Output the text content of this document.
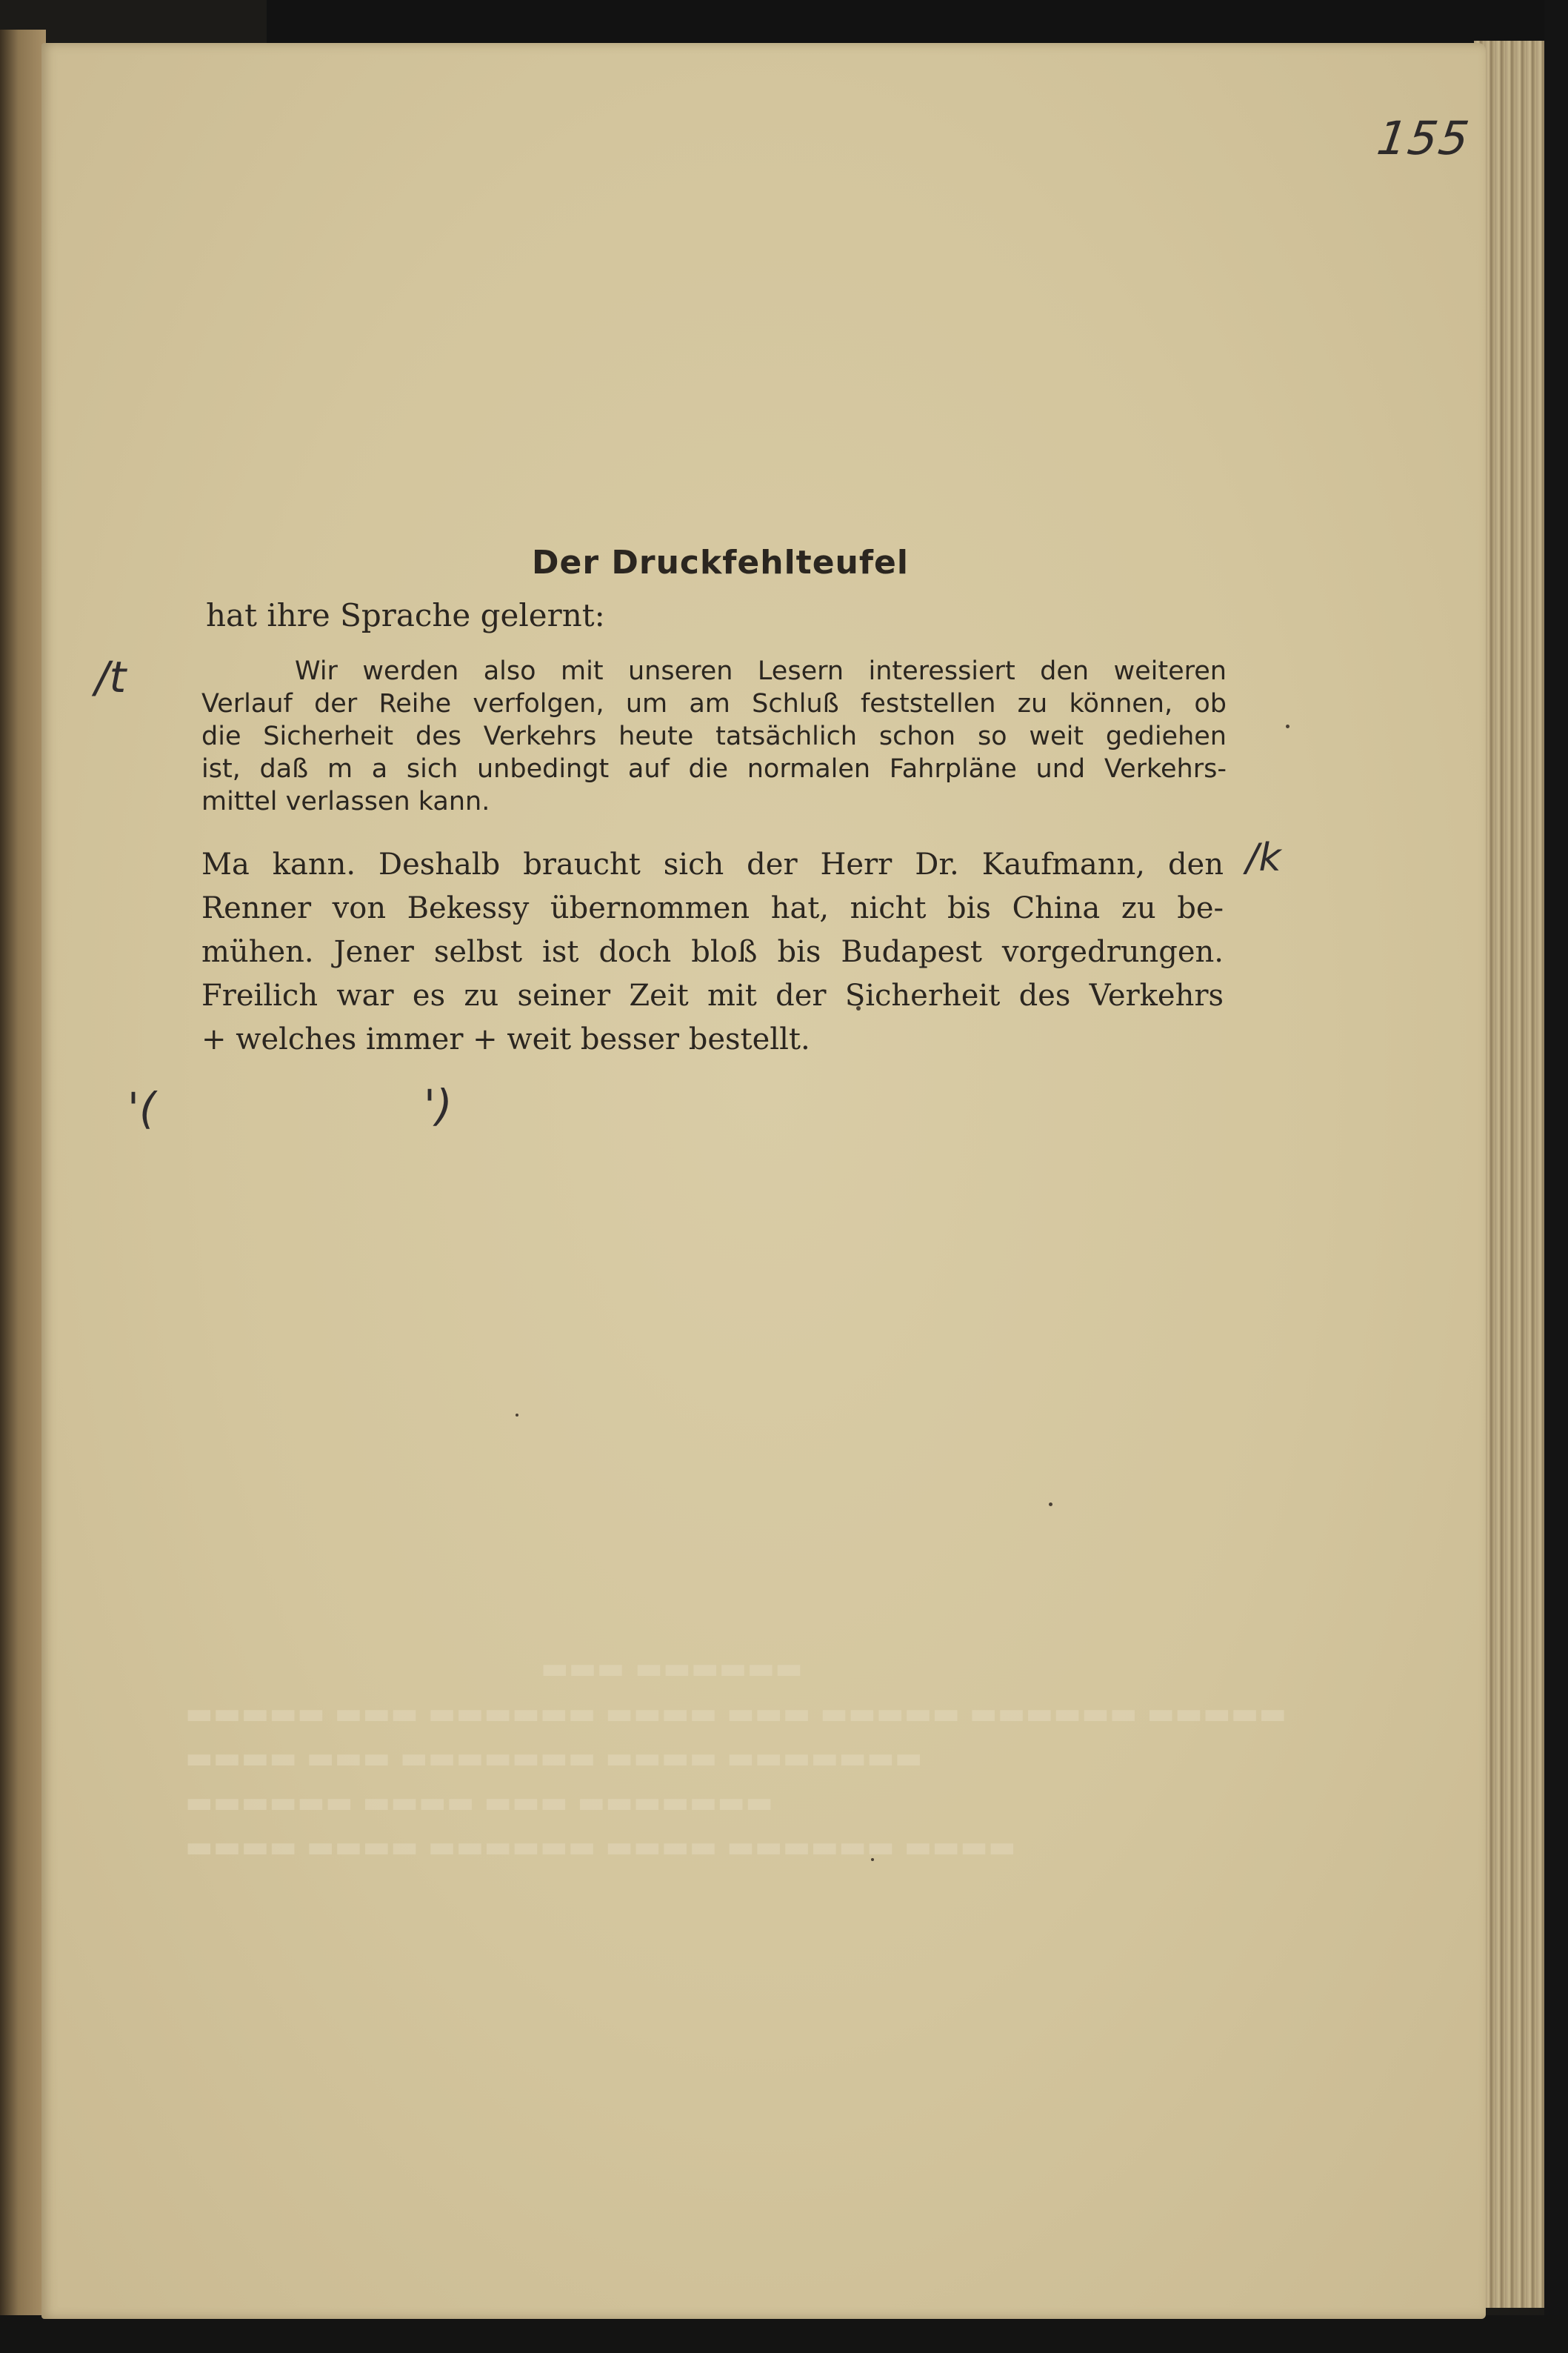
▬▬▬ ▬▬▬▬▬▬
▬▬▬▬▬ ▬▬▬ ▬▬▬▬▬▬ ▬▬▬▬ ▬▬▬ ▬▬▬▬▬ ▬▬▬▬▬▬ ▬▬▬▬▬
▬▬▬▬ ▬▬▬ ▬▬▬▬▬▬▬ ▬▬▬▬ ▬▬▬▬▬▬▬
▬▬▬▬▬▬ ▬▬▬▬ ▬▬▬ ▬▬▬▬▬▬▬
▬▬▬▬ ▬▬▬▬ ▬▬▬▬▬▬ ▬▬▬▬ ▬▬▬▬▬▬ ▬▬▬▬
155
Der Druckfehlteufel
hat ihre Sprache gelernt:
Wir werden also mit unseren Lesern interessiert den weiteren
Verlauf der Reihe verfolgen, um am Schluß feststellen zu können, ob
die Sicherheit des Verkehrs heute tatsächlich schon so weit gediehen
ist, daß m a sich unbedingt auf die normalen Fahrpläne und Verkehrs-
mittel verlassen kann.
Ma kann. Deshalb braucht sich der Herr Dr. Kaufmann, den
Renner von Bekessy übernommen hat, nicht bis China zu be-
mühen. Jener selbst ist doch bloß bis Budapest vorgedrungen.
Freilich war es zu seiner Zeit mit der Sicherheit des Verkehrs
+ welches immer + weit besser bestellt.
/t
/k
'(	')
